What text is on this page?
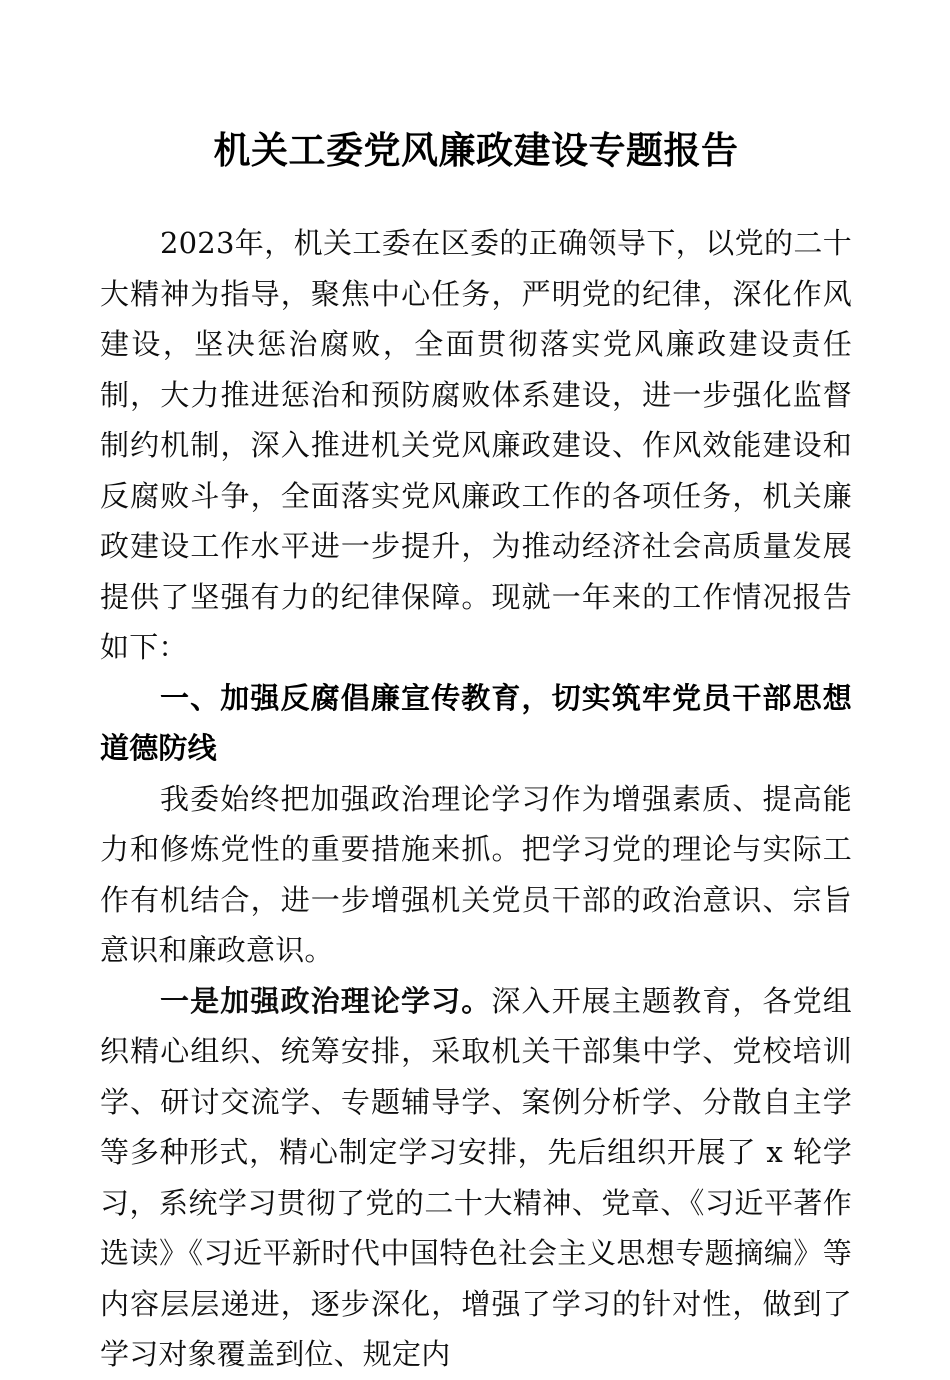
机关工委党风廉政建设专题报告

2023年，机关工委在区委的正确领导下，以党的二十大精神为指导，聚焦中心任务，严明党的纪律，深化作风建设，坚决惩治腐败，全面贯彻落实党风廉政建设责任制，大力推进惩治和预防腐败体系建设，进一步强化监督制约机制，深入推进机关党风廉政建设、作风效能建设和反腐败斗争，全面落实党风廉政工作的各项任务，机关廉政建设工作水平进一步提升，为推动经济社会高质量发展提供了坚强有力的纪律保障。现就一年来的工作情况报告如下：

一、加强反腐倡廉宣传教育，切实筑牢党员干部思想道德防线

我委始终把加强政治理论学习作为增强素质、提高能力和修炼党性的重要措施来抓。把学习党的理论与实际工作有机结合，进一步增强机关党员干部的政治意识、宗旨意识和廉政意识。

一是加强政治理论学习。深入开展主题教育，各党组织精心组织、统筹安排，采取机关干部集中学、党校培训学、研讨交流学、专题辅导学、案例分析学、分散自主学等多种形式，精心制定学习安排，先后组织开展了 x 轮学习，系统学习贯彻了党的二十大精神、党章、《习近平著作选读》《习近平新时代中国特色社会主义思想专题摘编》等内容层层递进，逐步深化，增强了学习的针对性，做到了学习对象覆盖到位、规定内
